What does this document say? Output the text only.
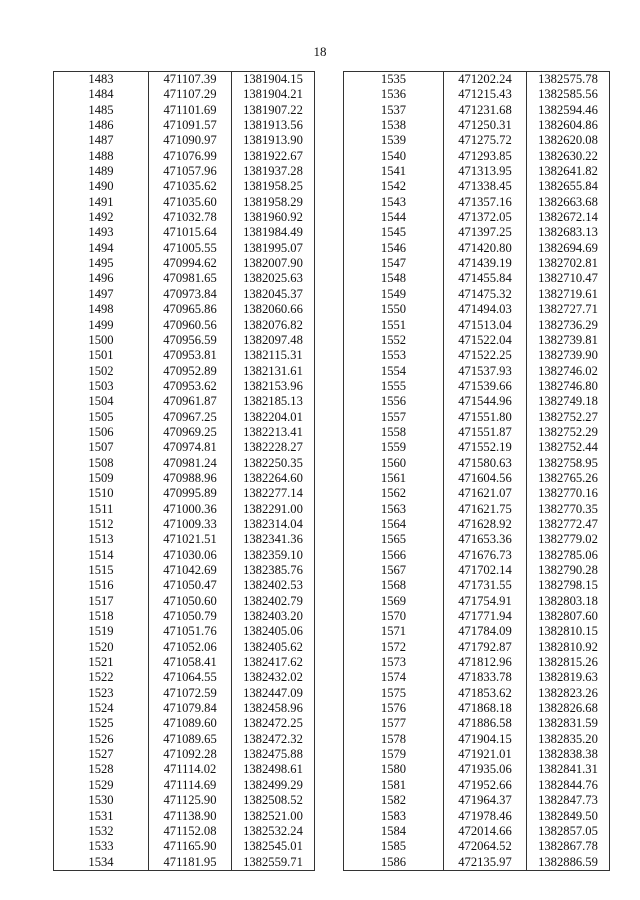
18
1483	471107.39	1381904.15
1484	471107.29	1381904.21
1485	471101.69	1381907.22
1486	471091.57	1381913.56
1487	471090.97	1381913.90
1488	471076.99	1381922.67
1489	471057.96	1381937.28
1490	471035.62	1381958.25
1491	471035.60	1381958.29
1492	471032.78	1381960.92
1493	471015.64	1381984.49
1494	471005.55	1381995.07
1495	470994.62	1382007.90
1496	470981.65	1382025.63
1497	470973.84	1382045.37
1498	470965.86	1382060.66
1499	470960.56	1382076.82
1500	470956.59	1382097.48
1501	470953.81	1382115.31
1502	470952.89	1382131.61
1503	470953.62	1382153.96
1504	470961.87	1382185.13
1505	470967.25	1382204.01
1506	470969.25	1382213.41
1507	470974.81	1382228.27
1508	470981.24	1382250.35
1509	470988.96	1382264.60
1510	470995.89	1382277.14
1511	471000.36	1382291.00
1512	471009.33	1382314.04
1513	471021.51	1382341.36
1514	471030.06	1382359.10
1515	471042.69	1382385.76
1516	471050.47	1382402.53
1517	471050.60	1382402.79
1518	471050.79	1382403.20
1519	471051.76	1382405.06
1520	471052.06	1382405.62
1521	471058.41	1382417.62
1522	471064.55	1382432.02
1523	471072.59	1382447.09
1524	471079.84	1382458.96
1525	471089.60	1382472.25
1526	471089.65	1382472.32
1527	471092.28	1382475.88
1528	471114.02	1382498.61
1529	471114.69	1382499.29
1530	471125.90	1382508.52
1531	471138.90	1382521.00
1532	471152.08	1382532.24
1533	471165.90	1382545.01
1534	471181.95	1382559.71
1535	471202.24	1382575.78
1536	471215.43	1382585.56
1537	471231.68	1382594.46
1538	471250.31	1382604.86
1539	471275.72	1382620.08
1540	471293.85	1382630.22
1541	471313.95	1382641.82
1542	471338.45	1382655.84
1543	471357.16	1382663.68
1544	471372.05	1382672.14
1545	471397.25	1382683.13
1546	471420.80	1382694.69
1547	471439.19	1382702.81
1548	471455.84	1382710.47
1549	471475.32	1382719.61
1550	471494.03	1382727.71
1551	471513.04	1382736.29
1552	471522.04	1382739.81
1553	471522.25	1382739.90
1554	471537.93	1382746.02
1555	471539.66	1382746.80
1556	471544.96	1382749.18
1557	471551.80	1382752.27
1558	471551.87	1382752.29
1559	471552.19	1382752.44
1560	471580.63	1382758.95
1561	471604.56	1382765.26
1562	471621.07	1382770.16
1563	471621.75	1382770.35
1564	471628.92	1382772.47
1565	471653.36	1382779.02
1566	471676.73	1382785.06
1567	471702.14	1382790.28
1568	471731.55	1382798.15
1569	471754.91	1382803.18
1570	471771.94	1382807.60
1571	471784.09	1382810.15
1572	471792.87	1382810.92
1573	471812.96	1382815.26
1574	471833.78	1382819.63
1575	471853.62	1382823.26
1576	471868.18	1382826.68
1577	471886.58	1382831.59
1578	471904.15	1382835.20
1579	471921.01	1382838.38
1580	471935.06	1382841.31
1581	471952.66	1382844.76
1582	471964.37	1382847.73
1583	471978.46	1382849.50
1584	472014.66	1382857.05
1585	472064.52	1382867.78
1586	472135.97	1382886.59
